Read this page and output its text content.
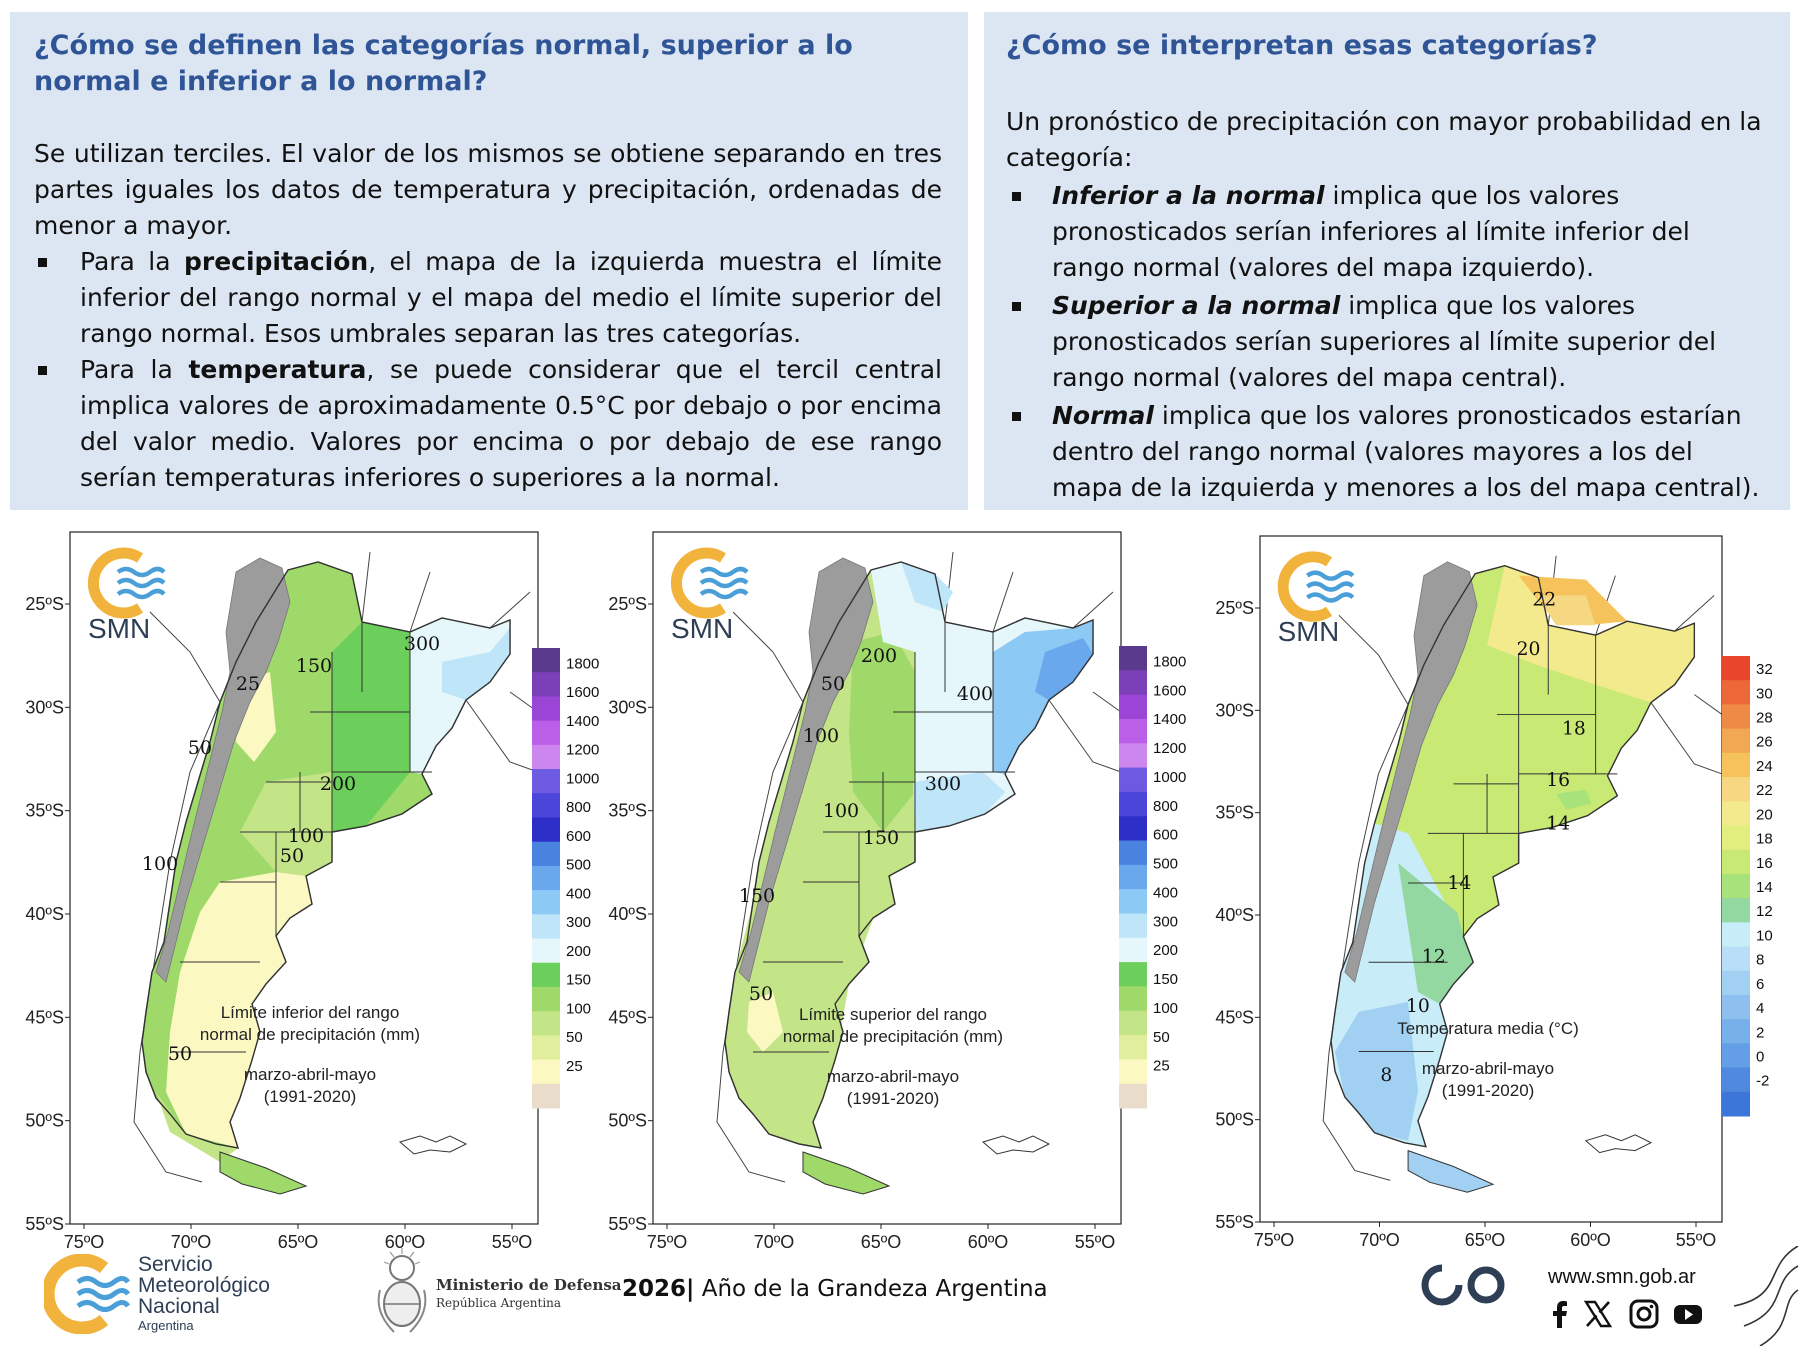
¿Cómo se definen las categorías normal, superior a lo normal e inferior a lo normal?

Se utilizan terciles. El valor de los mismos se obtiene separando en tres partes iguales los datos de temperatura y precipitación, ordenadas de menor a mayor.

Para la precipitación, el mapa de la izquierda muestra el límite inferior del rango normal y el mapa del medio el límite superior del rango normal. Esos umbrales separan las tres categorías.
Para la temperatura, se puede considerar que el tercil central implica valores de aproximadamente 0.5°C por debajo o por encima del valor medio. Valores por encima o por debajo de ese rango serían temperaturas inferiores o superiores a la normal.
¿Cómo se interpretan esas categorías?

Un pronóstico de precipitación con mayor probabilidad en la categoría:

Inferior a la normal implica que los valores pronosticados serían inferiores al límite inferior del rango normal (valores del mapa izquierdo).
Superior a la normal implica que los valores pronosticados serían superiores al límite superior del rango normal (valores del mapa central).
Normal implica que los valores pronosticados estarían dentro del rango normal (valores mayores a los del mapa de la izquierda y menores a los del mapa central).
SMN
25
50
150
300
200
100
50
100
50
25ºS
30ºS
35ºS
40ºS
45ºS
50ºS
55ºS
75ºO	70ºO	65ºO	60ºO	55ºO
1800
1600
1400
1200
1000
800
600
500
400
300
200
150
100
50
25
Límite inferior del rango
normal de precipitación (mm)
marzo-abril-mayo
(1991-2020)
SMN
50
200
100
400
300
100
150
150
50
25ºS
30ºS
35ºS
40ºS
45ºS
50ºS
55ºS
75ºO	70ºO	65ºO	60ºO	55ºO
1800
1600
1400
1200
1000
800
600
500
400
300
200
150
100
50
25
Límite superior del rango
normal de precipitación (mm)
marzo-abril-mayo
(1991-2020)
SMN
22
20
18
16
14
14
12
10
8
25ºS
30ºS
35ºS
40ºS
45ºS
50ºS
55ºS
75ºO	70ºO	65ºO	60ºO	55ºO
32
30
28
26
24
22
20
18
16
14
12
10
8
6
4
2
0
-2
Temperatura media (°C)
marzo-abril-mayo
(1991-2020)
Servicio
Meteorológico
Nacional
Argentina
Ministerio de Defensa
República Argentina
2026| Año de la Grandeza Argentina	www.smn.gob.ar
